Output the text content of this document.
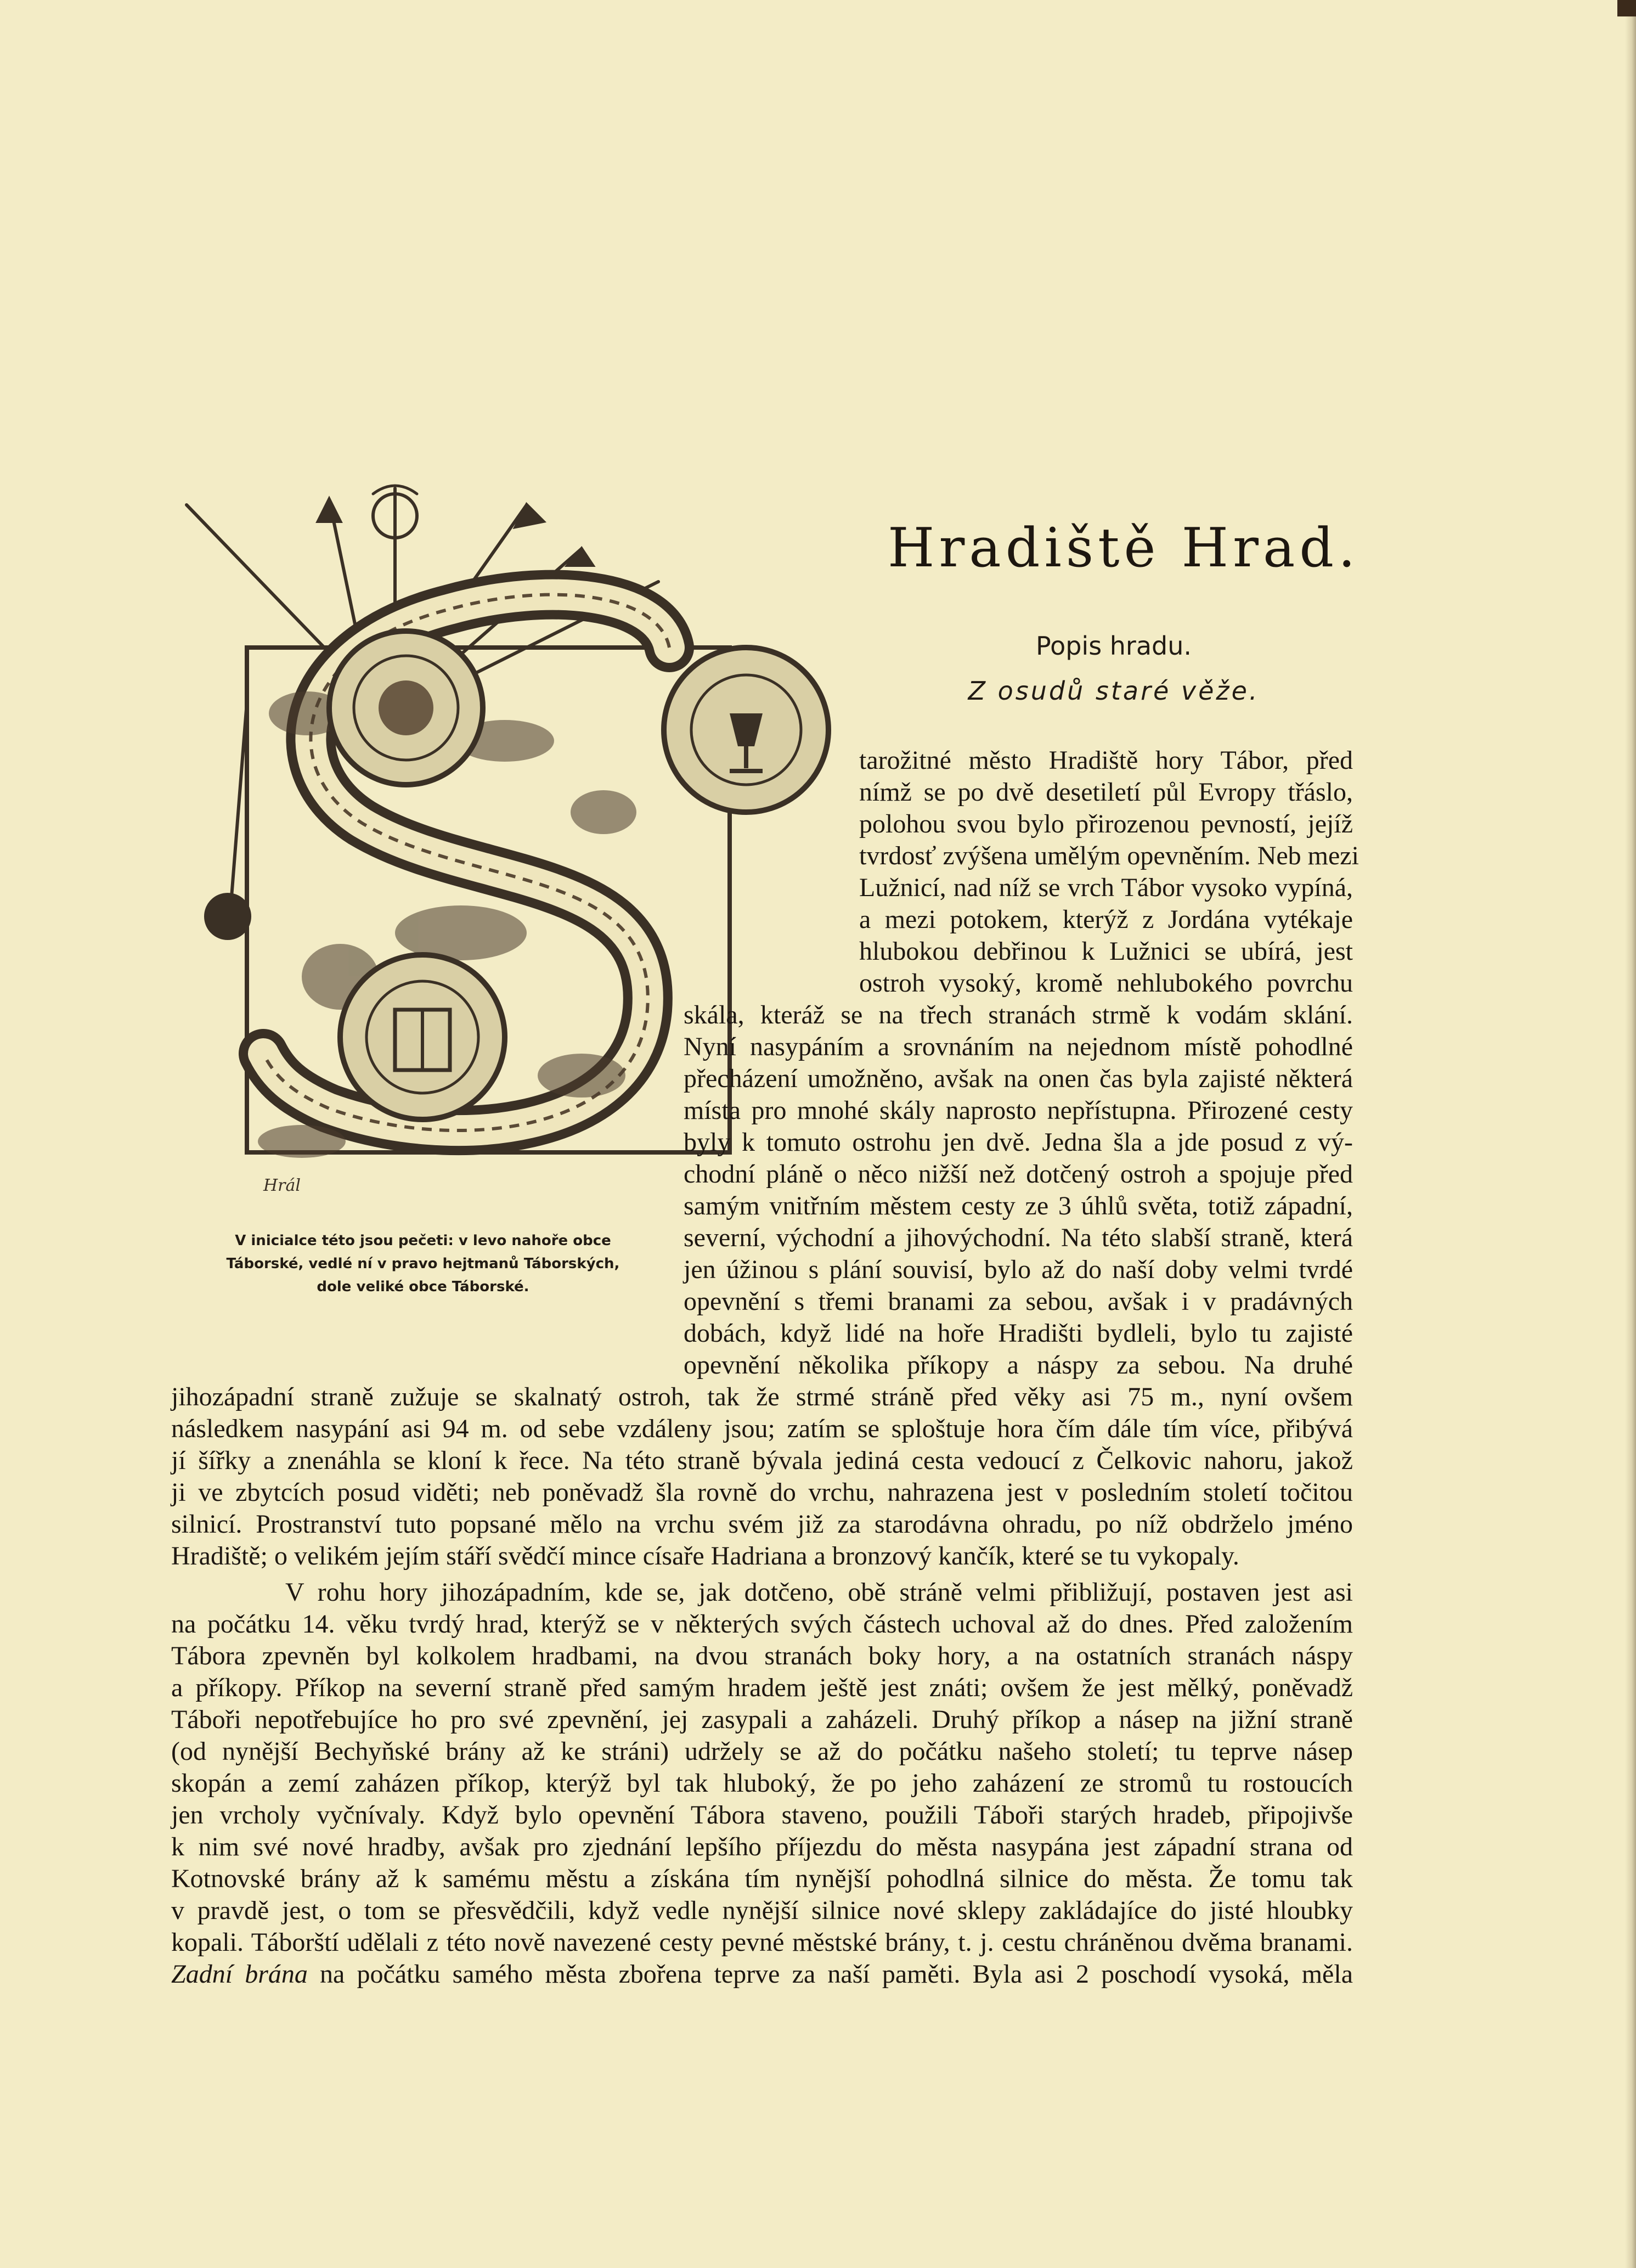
Hradiště Hrad.
Popis hradu.
Z osudů staré věže.
Hrál
V inicialce této jsou pečeti: v levo nahoře obce
Táborské, vedlé ní v pravo hejtmanů Táborských,
dole veliké obce Táborské.
tarožitné město Hradiště hory Tábor, před
nímž se po dvě desetiletí půl Evropy třáslo,
polohou svou bylo přirozenou pevností, jejíž
tvrdosť zvýšena umělým opevněním. Neb mezi
Lužnicí, nad níž se vrch Tábor vysoko vypíná,
a mezi potokem, kterýž z Jordána vytékaje
hlubokou debřinou k Lužnici se ubírá, jest
ostroh vysoký, kromě nehlubokého povrchu
skála, kteráž se na třech stranách strmě k vodám sklání.
Nyní nasypáním a srovnáním na nejednom místě pohodlné
přecházení umožněno, avšak na onen čas byla zajisté některá
místa pro mnohé skály naprosto nepřístupna. Přirozené cesty
byly k tomuto ostrohu jen dvě. Jedna šla a jde posud z vý-
chodní pláně o něco nižší než dotčený ostroh a spojuje před
samým vnitřním městem cesty ze 3 úhlů světa, totiž západní,
severní, východní a jihovýchodní. Na této slabší straně, která
jen úžinou s plání souvisí, bylo až do naší doby velmi tvrdé
opevnění s třemi branami za sebou, avšak i v pradávných
dobách, když lidé na hoře Hradišti bydleli, bylo tu zajisté
opevnění několika příkopy a náspy za sebou. Na druhé
jihozápadní straně zužuje se skalnatý ostroh, tak že strmé stráně před věky asi 75 m., nyní ovšem
následkem nasypání asi 94 m. od sebe vzdáleny jsou; zatím se sploštuje hora čím dále tím více, přibývá
jí šířky a znenáhla se kloní k řece. Na této straně bývala jediná cesta vedoucí z Čelkovic nahoru, jakož
ji ve zbytcích posud viděti; neb poněvadž šla rovně do vrchu, nahrazena jest v posledním století točitou
silnicí. Prostranství tuto popsané mělo na vrchu svém již za starodávna ohradu, po níž obdrželo jméno
Hradiště; o velikém jejím stáří svědčí mince císaře Hadriana a bronzový kančík, které se tu vykopaly.
V rohu hory jihozápadním, kde se, jak dotčeno, obě stráně velmi přibližují, postaven jest asi
na počátku 14. věku tvrdý hrad, kterýž se v některých svých částech uchoval až do dnes. Před založením
Tábora zpevněn byl kolkolem hradbami, na dvou stranách boky hory, a na ostatních stranách náspy
a příkopy. Příkop na severní straně před samým hradem ještě jest znáti; ovšem že jest mělký, poněvadž
Táboři nepotřebujíce ho pro své zpevnění, jej zasypali a zaházeli. Druhý příkop a násep na jižní straně
(od nynější Bechyňské brány až ke stráni) udržely se až do počátku našeho století; tu teprve násep
skopán a zemí zaházen příkop, kterýž byl tak hluboký, že po jeho zaházení ze stromů tu rostoucích
jen vrcholy vyčnívaly. Když bylo opevnění Tábora staveno, použili Táboři starých hradeb, připojivše
k nim své nové hradby, avšak pro zjednání lepšího příjezdu do města nasypána jest západní strana od
Kotnovské brány až k samému městu a získána tím nynější pohodlná silnice do města. Že tomu tak
v pravdě jest, o tom se přesvědčili, když vedle nynější silnice nové sklepy zakládajíce do jisté hloubky
kopali. Táborští udělali z této nově navezené cesty pevné městské brány, t. j. cestu chráněnou dvěma branami.
Zadní brána na počátku samého města zbořena teprve za naší paměti. Byla asi 2 poschodí vysoká, měla
